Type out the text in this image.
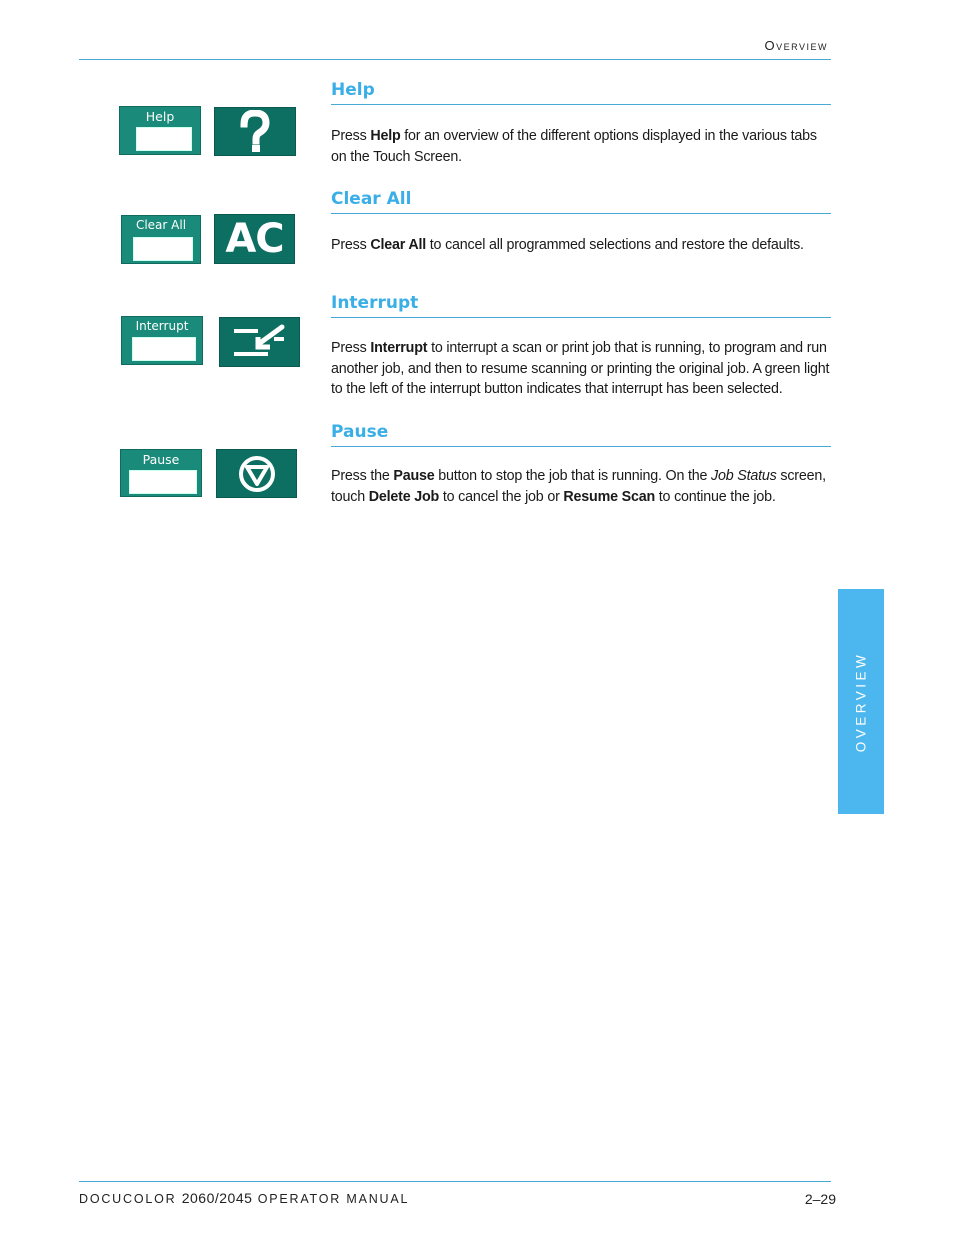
Overview
Help
Help

Press Help for an overview of the different options displayed in the various tabs on the Touch Screen.

Clear All AC
Clear All

Press Clear All to cancel all programmed selections and restore the defaults.

Interrupt
Interrupt

Press Interrupt to interrupt a scan or print job that is running, to program and run another job, and then to resume scanning or printing the original job. A green light to the left of the interrupt button indicates that interrupt has been selected.

Pause
Pause

Press the Pause button to stop the job that is running. On the Job Status screen, touch Delete Job to cancel the job or Resume Scan to continue the job.

OVERVIEW
DOCUCOLOR 2060/2045 OPERATOR MANUAL	2–29
